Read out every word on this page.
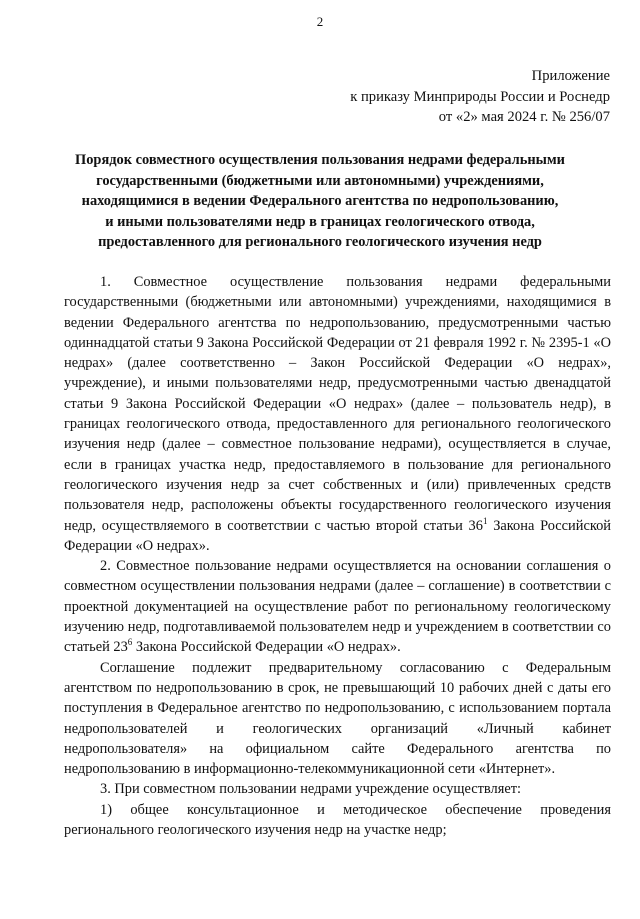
2
Приложение
к приказу Минприроды России и Роснедр
от «2» мая 2024 г. № 256/07
Порядок совместного осуществления пользования недрами федеральными
государственными (бюджетными или автономными) учреждениями,
находящимися в ведении Федерального агентства по недропользованию,
и иными пользователями недр в границах геологического отвода,
предоставленного для регионального геологического изучения недр

1. Совместное осуществление пользования недрами федеральными государственными (бюджетными или автономными) учреждениями, находящимися в ведении Федерального агентства по недропользованию, предусмотренными частью одиннадцатой статьи 9 Закона Российской Федерации от 21 февраля 1992 г. № 2395-1 «О недрах» (далее соответственно – Закон Российской Федерации «О недрах», учреждение), и иными пользователями недр, предусмотренными частью двенадцатой статьи 9 Закона Российской Федерации «О недрах» (далее – пользователь недр), в границах геологического отвода, предоставленного для регионального геологического изучения недр (далее – совместное пользование недрами), осуществляется в случае, если в границах участка недр, предоставляемого в пользование для регионального геологического изучения недр за счет собственных и (или) привлеченных средств пользователя недр, расположены объекты государственного геологического изучения недр, осуществляемого в соответствии с частью второй статьи $36^1$ Закона Российской Федерации «О недрах».

2. Совместное пользование недрами осуществляется на основании соглашения о совместном осуществлении пользования недрами (далее – соглашение) в соответствии с проектной документацией на осуществление работ по региональному геологическому изучению недр, подготавливаемой пользователем недр и учреждением в соответствии со статьей $23^6$ Закона Российской Федерации «О недрах».

Соглашение подлежит предварительному согласованию с Федеральным агентством по недропользованию в срок, не превышающий 10 рабочих дней с даты его поступления в Федеральное агентство по недропользованию, с использованием портала недропользователей и геологических организаций «Личный кабинет недропользователя» на официальном сайте Федерального агентства по недропользованию в информационно-телекоммуникационной сети «Интернет».

3. При совместном пользовании недрами учреждение осуществляет:

1) общее консультационное и методическое обеспечение проведения регионального геологического изучения недр на участке недр;
